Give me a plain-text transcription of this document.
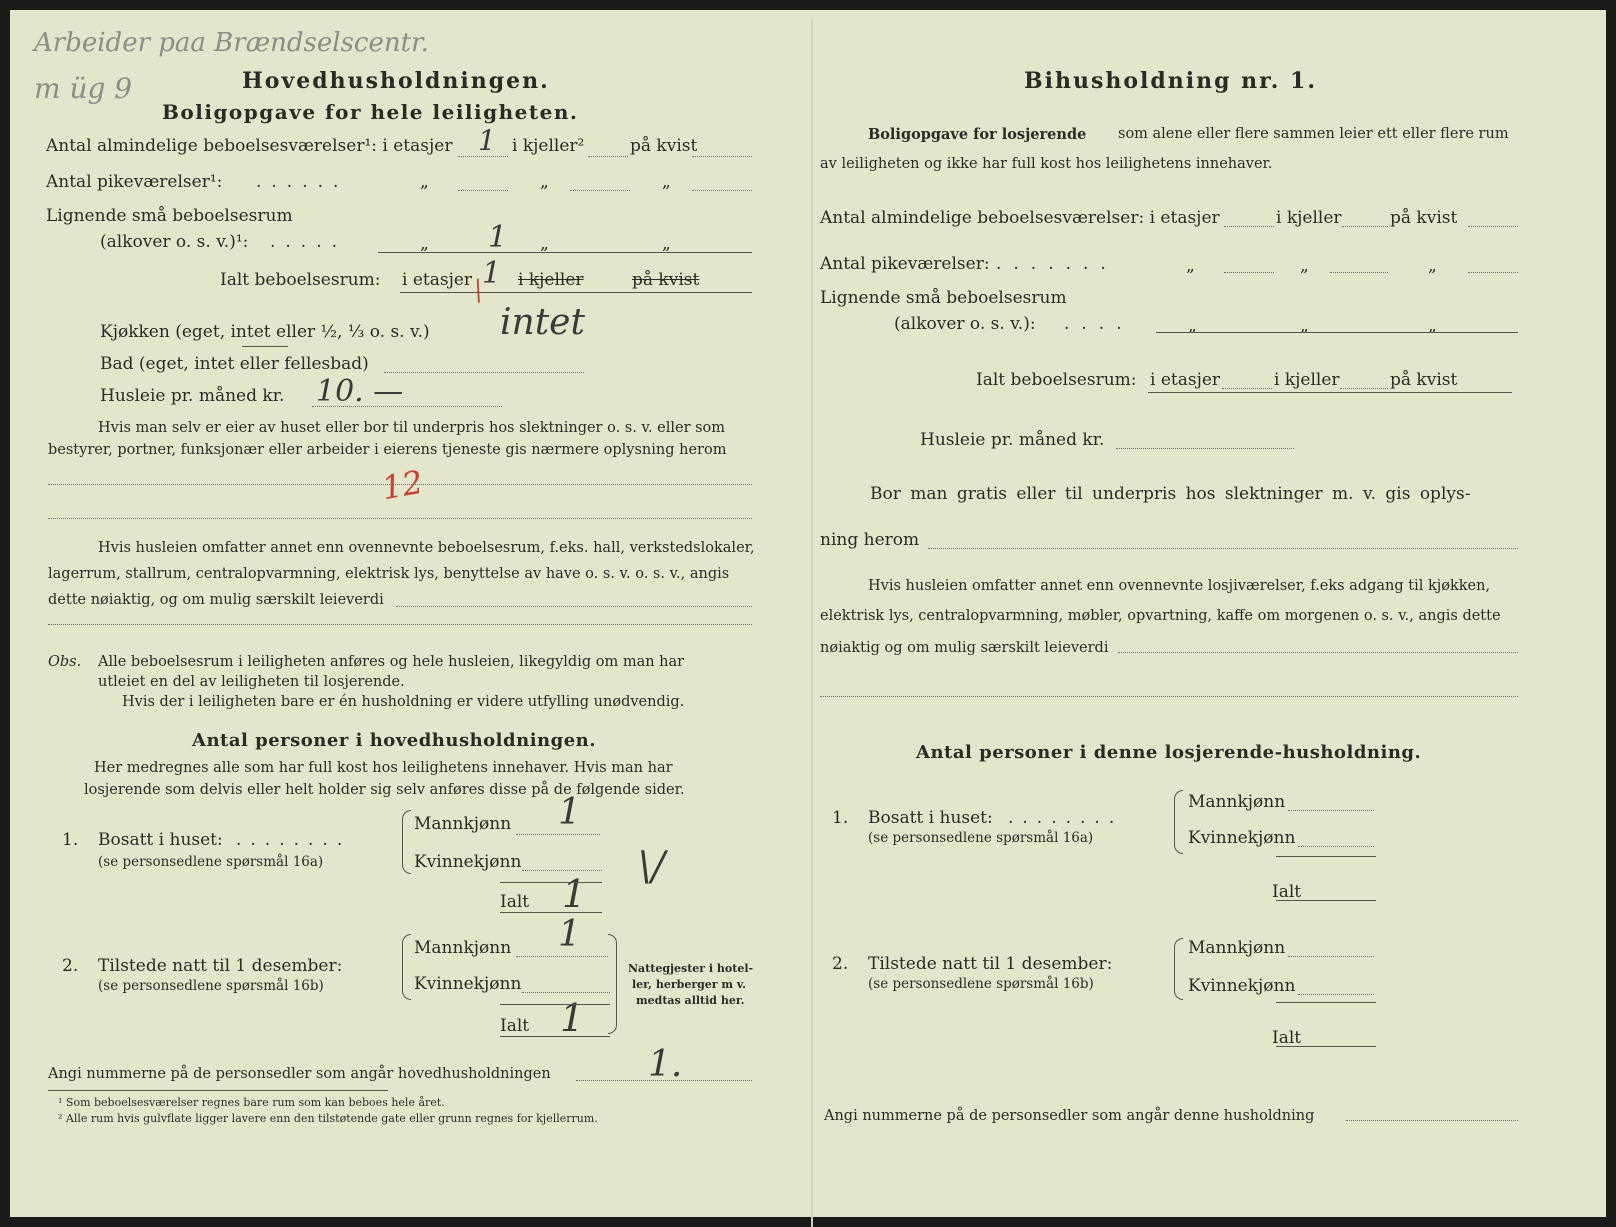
Arbeider paa Brændselscentr.
m üg 9	Hovedhusholdningen.
Boligopgave for hele leiligheten.
Antal almindelige beboelsesværelser¹: i etasjer 1 i kjeller²	på kvist
Antal pikeværelser¹: ......	„	„	„
Lignende små beboelsesrum
(alkover o. s. v.)¹: .....	„ 1 „	„
Ialt beboelsesrum: i etasjer 1 i kjeller	på kvist
/
Kjøkken (eget, intet eller ½, ⅓ o. s. v.) intet
Bad (eget, intet eller fellesbad)
Husleie pr. måned kr. 10. —
Hvis man selv er eier av huset eller bor til underpris hos slektninger o. s. v. eller som
bestyrer, portner, funksjonær eller arbeider i eierens tjeneste gis nærmere oplysning herom
12
Hvis husleien omfatter annet enn ovennevnte beboelsesrum, f.eks. hall, verkstedslokaler,
lagerrum, stallrum, centralopvarmning, elektrisk lys, benyttelse av have o. s. v. o. s. v., angis
dette nøiaktig, og om mulig særskilt leieverdi
Obs. Alle beboelsesrum i leiligheten anføres og hele husleien, likegyldig om man har
utleiet en del av leiligheten til losjerende.
Hvis der i leiligheten bare er én husholdning er videre utfylling unødvendig.
Antal personer i hovedhusholdningen.
Her medregnes alle som har full kost hos leilighetens innehaver. Hvis man har
losjerende som delvis eller helt holder sig selv anføres disse på de følgende sider.
1. Bosatt i huset: ........
(se personsedlene spørsmål 16a)
Mannkjønn 1
Kvinnekjønn
Ialt 1
\/
2. Tilstede natt til 1 desember:
(se personsedlene spørsmål 16b)
Mannkjønn 1
Kvinnekjønn
Ialt 1
Nattegjester i hotel-
ler, herberger m v.
medtas alltid her.
Angi nummerne på de personsedler som angår hovedhusholdningen	1.
¹ Som beboelsesværelser regnes bare rum som kan beboes hele året.
² Alle rum hvis gulvflate ligger lavere enn den tilstøtende gate eller grunn regnes for kjellerrum.
Bihusholdning nr. 1.
Boligopgave for losjerende som alene eller flere sammen leier ett eller flere rum
av leiligheten og ikke har full kost hos leilighetens innehaver.
Antal almindelige beboelsesværelser: i etasjer	i kjeller	på kvist
Antal pikeværelser: .......	„	„	„
Lignende små beboelsesrum
(alkover o. s. v.): ....	„	„	„
Ialt beboelsesrum: i etasjer	i kjeller	på kvist
Husleie pr. måned kr.
Bor man gratis eller til underpris hos slektninger m. v. gis oplys-
ning herom
Hvis husleien omfatter annet enn ovennevnte losjiværelser, f.eks adgang til kjøkken,
elektrisk lys, centralopvarmning, møbler, opvartning, kaffe om morgenen o. s. v., angis dette
nøiaktig og om mulig særskilt leieverdi
Antal personer i denne losjerende-husholdning.
1. Bosatt i huset: ........
(se personsedlene spørsmål 16a)
Mannkjønn
Kvinnekjønn
Ialt
2. Tilstede natt til 1 desember:
(se personsedlene spørsmål 16b)
Mannkjønn
Kvinnekjønn
Ialt
Angi nummerne på de personsedler som angår denne husholdning
